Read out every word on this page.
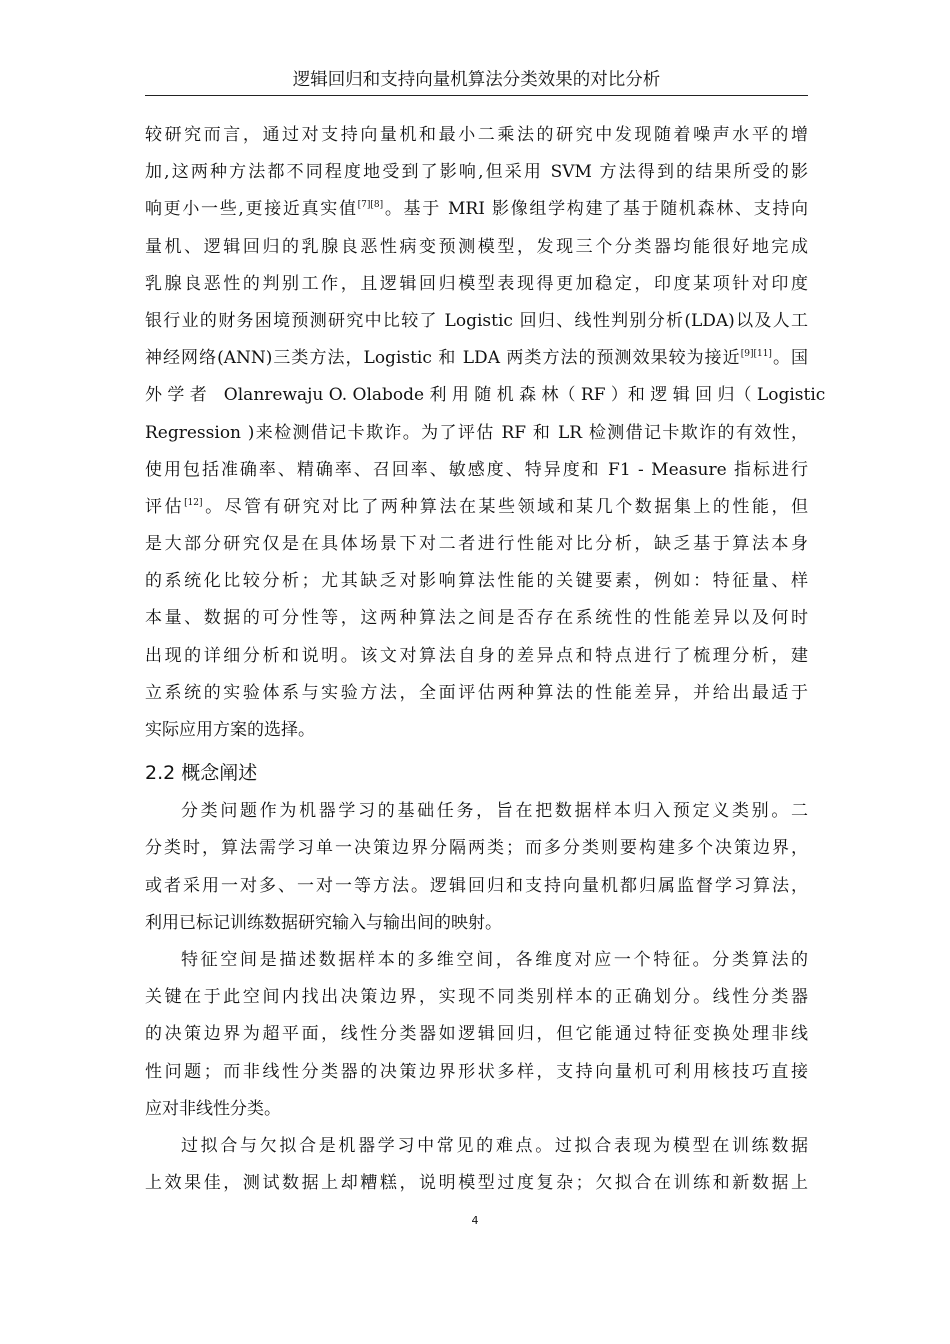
逻辑回归和支持向量机算法分类效果的对比分析
较研究而言，通过对支持向量机和最小二乘法的研究中发现随着噪声水平的增
加,这两种方法都不同程度地受到了影响,但采用 SVM 方法得到的结果所受的影
响更小一些,更接近真实值[7][8]。基于 MRI 影像组学构建了基于随机森林、支持向
量机、逻辑回归的乳腺良恶性病变预测模型，发现三个分类器均能很好地完成
乳腺良恶性的判别工作，且逻辑回归模型表现得更加稳定，印度某项针对印度
银行业的财务困境预测研究中比较了 Logistic 回归、线性判别分析(LDA)以及人工
神经网络(ANN)三类方法，Logistic 和 LDA 两类方法的预测效果较为接近[9][11]。国
外 学 者　Olanrewaju O. Olabode 利 用 随 机 森 林（ RF ）和 逻 辑 回 归（ Logistic
Regression )来检测借记卡欺诈。为了评估 RF 和 LR 检测借记卡欺诈的有效性，
使用包括准确率、精确率、召回率、敏感度、特异度和 F1 - Measure 指标进行
评估[12]。尽管有研究对比了两种算法在某些领域和某几个数据集上的性能，但
是大部分研究仅是在具体场景下对二者进行性能对比分析，缺乏基于算法本身
的系统化比较分析；尤其缺乏对影响算法性能的关键要素，例如：特征量、样
本量、数据的可分性等，这两种算法之间是否存在系统性的性能差异以及何时
出现的详细分析和说明。该文对算法自身的差异点和特点进行了梳理分析，建
立系统的实验体系与实验方法，全面评估两种算法的性能差异，并给出最适于
实际应用方案的选择。
2.2 概念阐述
分类问题作为机器学习的基础任务，旨在把数据样本归入预定义类别。二
分类时，算法需学习单一决策边界分隔两类；而多分类则要构建多个决策边界，
或者采用一对多、一对一等方法。逻辑回归和支持向量机都归属监督学习算法，
利用已标记训练数据研究输入与输出间的映射。
特征空间是描述数据样本的多维空间，各维度对应一个特征。分类算法的
关键在于此空间内找出决策边界，实现不同类别样本的正确划分。线性分类器
的决策边界为超平面，线性分类器如逻辑回归，但它能通过特征变换处理非线
性问题；而非线性分类器的决策边界形状多样，支持向量机可利用核技巧直接
应对非线性分类。
过拟合与欠拟合是机器学习中常见的难点。过拟合表现为模型在训练数据
上效果佳，测试数据上却糟糕，说明模型过度复杂；欠拟合在训练和新数据上
4
